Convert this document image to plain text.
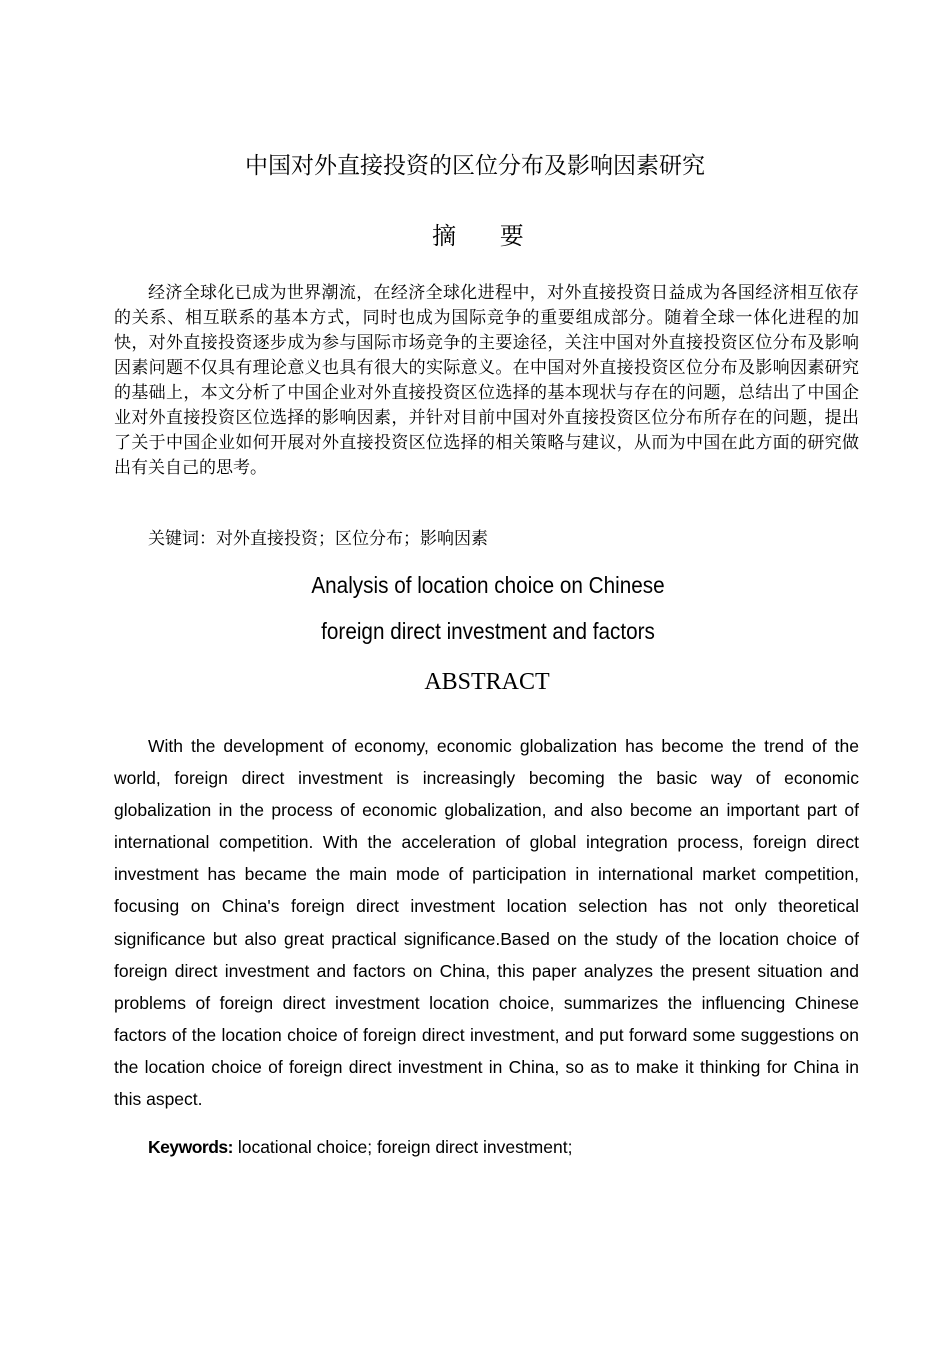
中国对外直接投资的区位分布及影响因素研究
摘 要

经济全球化已成为世界潮流，在经济全球化进程中，对外直接投资日益成为各国经济相互依存的关系、相互联系的基本方式，同时也成为国际竞争的重要组成部分。随着全球一体化进程的加快，对外直接投资逐步成为参与国际市场竞争的主要途径，关注中国对外直接投资区位分布及影响因素问题不仅具有理论意义也具有很大的实际意义。在中国对外直接投资区位分布及影响因素研究的基础上，本文分析了中国企业对外直接投资区位选择的基本现状与存在的问题，总结出了中国企业对外直接投资区位选择的影响因素，并针对目前中国对外直接投资区位分布所存在的问题，提出了关于中国企业如何开展对外直接投资区位选择的相关策略与建议，从而为中国在此方面的研究做出有关自己的思考。

关键词：对外直接投资；区位分布；影响因素
Analysis of location choice on Chinese
foreign direct investment and factors
ABSTRACT

With the development of economy, economic globalization has become the trend of the world, foreign direct investment is increasingly becoming the basic way of economic globalization in the process of economic globalization, and also become an important part of international competition. With the acceleration of global integration process, foreign direct investment has became the main mode of participation in international market competition, focusing on China's foreign direct investment location selection has not only theoretical significance but also great practical significance.Based on the study of the location choice of foreign direct investment and factors on China, this paper analyzes the present situation and problems of foreign direct investment location choice, summarizes the influencing Chinese factors of the location choice of foreign direct investment, and put forward some suggestions on the location choice of foreign direct investment in China, so as to make it thinking for China in this aspect.

Keywords: locational choice; foreign direct investment;
